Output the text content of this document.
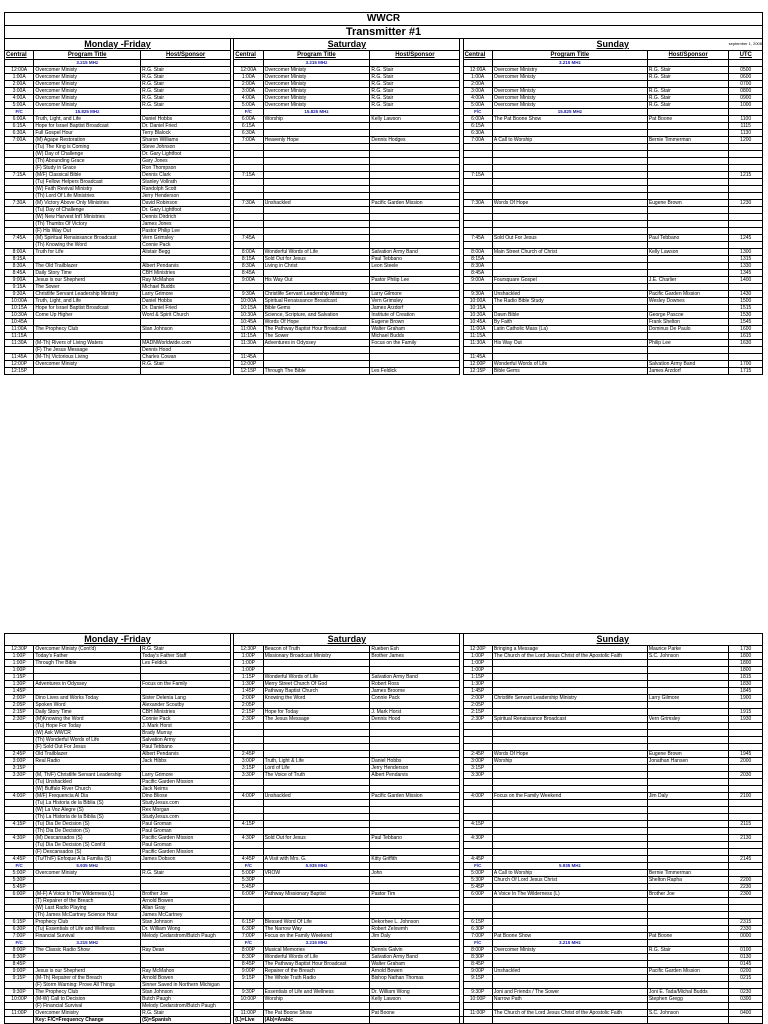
WWCR
Transmitter #1
september 1, 2008
Monday -Friday				Saturday				Sunday			
Central	Program Title	Host/Sponsor		Central	Program Title	Host/Sponsor		Central	Program Title	Host/Sponsor	UTC
	3.215 MHz				3.215 MHz				3.215 MHz		
12:00A	Overcomer Ministy	R.G. Stair		12:00A	Overcomer Ministy	R.G. Stair		12:00A	Overcomer Ministry	R.G. Stair	0500
1:00A	Overcomer Ministy	R.G. Stair		1:00A	Overcomer Ministy	R.G. Stair		1:00A	Overcomer Ministy	R.G. Stair	0600
2:00A	Overcomer Ministy	R.G. Stair		2:00A	Overcomer Ministy	R.G. Stair		2:00A			0700
3:00A	Overcomer Ministy	R.G. Stair		3:00A	Overcomer Ministy	R.G. Stair		3:00A	Overcomer Ministy	R.G. Stair	0800
4:00A	Overcomer Ministy	R.G. Stair		4:00A	Overcomer Ministy	R.G. Stair		4:00A	Overcomer Ministy	R.G. Stair	0900
5:00A	Overcomer Ministy	R.G. Stair		5:00A	Overcomer Ministy	R.G. Stair		5:00A	Overcomer Ministy	R.G. Stair	1000
F/C	15.825 MHz			F/C	15.825 MHz			F/C	15.825 MHz		
6:00A	Truth, Light, and Life	Daniel Hobbs		6:00A	Worship	Kelly Lawson		6:00A	The Pat Boone Show	Pat Boone	1100
6:15A	Hope for Israel Baptist Broadcast	Dr. Daniel Fried		6:15A				6:15A			1115
6:30A	Full Gospel Hour	Terry Blalock		6:30A				6:30A			1130
7:00A	(M) Agape Restoration	Sharon Williams		7:00A	Heavenly Hope	Dennis Hodges		7:00A	A Call to Worship	Bernie Timmerman	1200
	(Tu) The King is Coming	Steve Johnson									
	(W) Day of Challenge	Dr. Gary Lightfoot									
	(Th) Abounding Grace	Gary Jones									
	(F) Study in Grace	Ron Thompson									
7:15A	(M/F) Classical Bible	Dennis Clark		7:15A				7:15A			1215
	(Tu) Fellow Helpers Broadcast	Stanley Vollrath									
	(W) Faith Revival Ministry	Randolph Scott									
	(Th) Lord Of Life Ministries	Jerry Henderson									
7:30A	(M) Victory Above Only Ministries	David Robinson		7:30A	Unshackled	Pacific Garden Mission		7:30A	Words Of Hope	Eugene Brown	1230
	(Tu) Day of Challenge	Dr. Gary Lightfoot									
	(W) New Harvest Int'l Ministries	Dennis Dirdrich									
	(Th) Thumbs Of Victory	James Jones									
	(F) His Way Out	Pastor Philip Lee									
7:45A	(M) Spiritual Renaissance Broadcast	Vern Grimsley		7:45A				7:45A	Sold Out For Jesus	Paul Tebbano	1245
	(Th) Knowing the Word	Connie Pack									
8:00A	Truth for Life	Alistair Begg		8:00A	Wonderful Words of Life	Salvation Army Band		8:00A	Main Street Church of Christ	Kelly Lawson	1300
8:15A				8:15A	Sold Out for Jesus	Paul Tebbano		8:15A			1315
8:30A	The Old Trailblazer	Albert Pendarvis		8:30A	Living in Christ	Leon Steele		8:30A			1330
8:45A	Daily Story Time	CBH Ministries		8:45A				8:45A			1345
9:00A	Jesus is our Shepherd	Ray McMahon		9:00A	His Way Out	Pastor Philip Lee		9:00A	Foursquare Gospel	J.E. Charlier	1400
9:15A	The Sower	Michael Budds									
9:30A	Christlife Servant Leadership Ministry	Larry Grimore		9:30A	Christlife Servant Leadership Ministry	Larry Gilmore		9:30A	Unshackled	Pacific Garden Mission	1430
10:00A	Truth, Light, and Life	Daniel Hobbs		10:00A	Spiritual Renaissance Broadcast	Vern Grimsley		10:00A	The Radio Bible Study	Wesley Downes	1500
10:15A	Hope for Israel Baptist Broadcast	Dr. Daniel Fried		10:15A	Bible Gems	James Arzdorf		10:15A			1515
10:30A	Come Up Higher	Word & Spirit Church		10:30A	Science, Scripture, and Salvation	Institute of Creation		10:30A	Dawn Bible	George Pascoe	1530
10:45A				10:45A	Words Of Hope	Eugene Brown		10:45A	By Faith	Frank Shelton	1545
11:00A	The Prophecy Club	Stan Johnson		11:00A	The Pathway Baptist Hour Broadcast	Walter Graham		11:00A	Latin Catholic Mass (La)	Dominus De Paulo	1600
11:15A				11:15A	The Sower	Michael Budds		11:15A			1615
11:30A	(M-Th) Rivers of Living Waters	MADNWorldwide.com		11:30A	Adventures in Odyssey	Focus on the Family		11:30A	His Way Out	Philip Lee	1630
	(F) The Jesus Message	Dennis Hood									
11:45A	(M-Th) Victorious Living	Charles Cowan		11:45A				11:45A			
12:00P	Overcomer Ministy	R.G. Stair		12:00P				12:00P	Wonderful Words of Life	Salvation Army Band	1700
12:15P				12:15P	Through The Bible	Les Feldick		12:15P	Bible Gems	James Arzdorf	1715
Monday -Friday				Saturday				Sunday			
12:30P	Overcomer Ministy (Cont'd)	R.G. Stair		12:30P	Beacon of Truth	Rueben Esh		12:30P	Bringing a Message	Maurice Parke	1730
1:00P	Today's Father	Today's Father Staff		1:00P	Missionary Broadcast Ministry	Brother James		1:00P	The Church of the Lord Jesus Christ of the Apostolic Faith	S.C. Johnson	1800
1:00P	Through The Bible	Les Feldick		1:00P				1:00P			1800
1:00P				1:00P				1:00P			1800
1:15P				1:15P	Wonderful Words of Life	Salvation Army Band		1:15P			1815
1:30P	Adventures in Odyssey	Focus on the Family		1:30P	Merry Street Church Of God	Robert Ross		1:30P			1830
1:45P				1:45P	Pathway Baptist Church	James Broome		1:45P			1845
2:00P	Dino Lives and Works Today	Sister Delenia Lang		2:00P	Knowing the Word	Connie Pack		2:00P	Christlife Servant Leadership Ministry	Larry Gilmore	1900
2:05P	Spoken Word	Alexander Scoutby		2:05P				2:05P			
2:15P	Daily Story Time	CBH Ministries		2:15P	Hope for Today	J. Mark Horst		2:15P			1915
2:30P	(M)Knowing the Word	Connie Pack		2:30P	The Jesus Message	Dennis Hood		2:30P	Spiritual Renaissance Broadcast	Vern Grimsley	1930
	(Tu) Hope For Today	J. Mark Horst									
	(W) Ask WWCR	Brady Murray									
	(Th) Wonderful Words of Life	Salvation Army									
	(F) Sold Out For Jesus	Paul Tebbano									
2:45P	Old Trailblazer	Albert Pendarvis		2:45P				2:45P	Words Of Hope	Eugene Brown	1945
3:00P	Real Radio	Jack Hibbs		3:00P	Truth, Light & Life	Daniel Hobbs		3:00P	Worship	Jonathan Hansen	2000
3:15P				3:15P	Lord of Life	Jerry Henderson		3:15P			
3:30P	(M, Th/F) Christlife Servant Leadership	Larry Grimore		3:30P	The Voice of Truth	Albert Pendarvis		3:30P			2030
	(Tu) Unshackled	Pacific Garden Mission									
	(W) Buffalo River Church	Jack Neims									
4:00P	(M/F) Frequencia Al Dia	Dino Bliose		4:00P	Unshackled	Pacific Garden Mission		4:00P	Focus on the Family Weekend	Jim Daly	2100
	(Tu) La Historia de la Biblia (S)	StudyJesus.com									
	(W) La Voz Alegre (S)	Rex Morgan									
	(Th) La Historia de la Biblia (S)	StudyJesus.com									
4:15P	(Tu) Dia De Decision (S)	Paul Groman		4:15P				4:15P			2115
	(Th) Dia De Decision (S)	Paul Groman									
4:30P	(M) Descansados (S)	Pacific Garden Mission		4:30P	Sold Out for Jesus	Paul Tebbano		4:30P			2130
	(Tu) Dia De Decision (S) Cont'd	Paul Groman									
	(F) Descansados (S)	Pacific Garden Mission									
4:45P	(Tu/Th/F) Enfoque A la Familia (S)	James Dobson		4:45P	A Visit with Mrs. G.	Kitty Griffith		4:45P			2145
F/C	5.935 MHz			F/C	5.935 MHz			F/C	5.935 MHz		
5:00P	Overcomer Ministy	R.G. Stair		5:00P	VROW	John		5:00P	A Call to Worship	Bernie Timmerman	
5:30P				5:30P				5:30P	Church Of Lord Jesus Christ	Shelton Rapha	2200
5:45P				5:45P				5:45P			2230
6:00P	(M-F) A Voice In The Wilderness (L)	Brother Joe		6:00P	Pathway Missionary Baptist	Pastor Tim		6:00P	A Voice In The Wilderness (L)	Brother Joe	2300
	(T) Repairer of the Breach	Arnold Bowen									
	(W) Last Radio Playing	Allan Gray									
	(Th) James McCartney Science Hour	James McCartney									
6:15P	Prophecy Club	Stan Johnson		6:15P	Blessed Word Of Life	Dekorhee L. Johnson		6:15P			2315
6:30P	(Tu) Essentials of Life and Wellness	Dr. William Wong		6:30P	The Narrow Way	Robert Zelxwmh		6:30P			2330
7:00P	Financial Survival	Melody Cedarstrom/Butch Paugh		7:00P	Focus on the Family Weekend	Jim Daly		7:00P	Pat Boone Show	Pat Boone	0000
F/C	3.215 MHz			F/C	3.215 MHz			F/C	3.215 MHz		
8:00P	The Classic Radio Show	Ray Dean		8:00P	Musical Memories	Dennis Galvin		8:00P	Overcomer Ministy	R.G. Stair	0100
8:30P				8:30P	Wonderful Words of Life	Salvation Army Band		8:30P			0130
8:45P				8:45P	The Pathway Baptist Hour Broadcast	Walter Graham		8:45P			0145
9:00P	Jesus is our Shepherd	Ray McMahon		9:00P	Repairer of the Breach	Arnold Bowen		9:00P	Unshackled	Pacific Garden Mission	0200
9:15P	(M-Th) Repairer of the Breach	Arnold Bowen		9:15P	The Whole Truth Radio	Bishop Nathan Thomas		9:15P			0215
	(F) Storm Warning: Prove All Things	Sinner Saved in Northern Michigan									
9:30P	The Prophecy Club	Stan Johnson		9:30P	Essentials of Life and Wellness	Dr. William Wong		9:30P	Joni and Friends / The Sower	Joni E. Tada/Michal Budds	0230
10:00P	(M-W) Call to Decision	Butch Paugh		10:00P	Worship	Kelly Lawson		10:00P	Narrow Path	Stephen Gregg	0300
	(F) Financial Survival	Melody Cedarstrom/Butch Paugh									
11:00P	Overcomer Ministry	R.G. Stair		11:00P	The Pat Boone Show	Pat Boone		11:00P	The Church of the Lord Jesus Christ of the Apostolic Faith	S.C. Johnson	0400
	Key: F/C=Frequency Change	(S)=Spanish		(L)=Live	(Ab)=Arabic						
